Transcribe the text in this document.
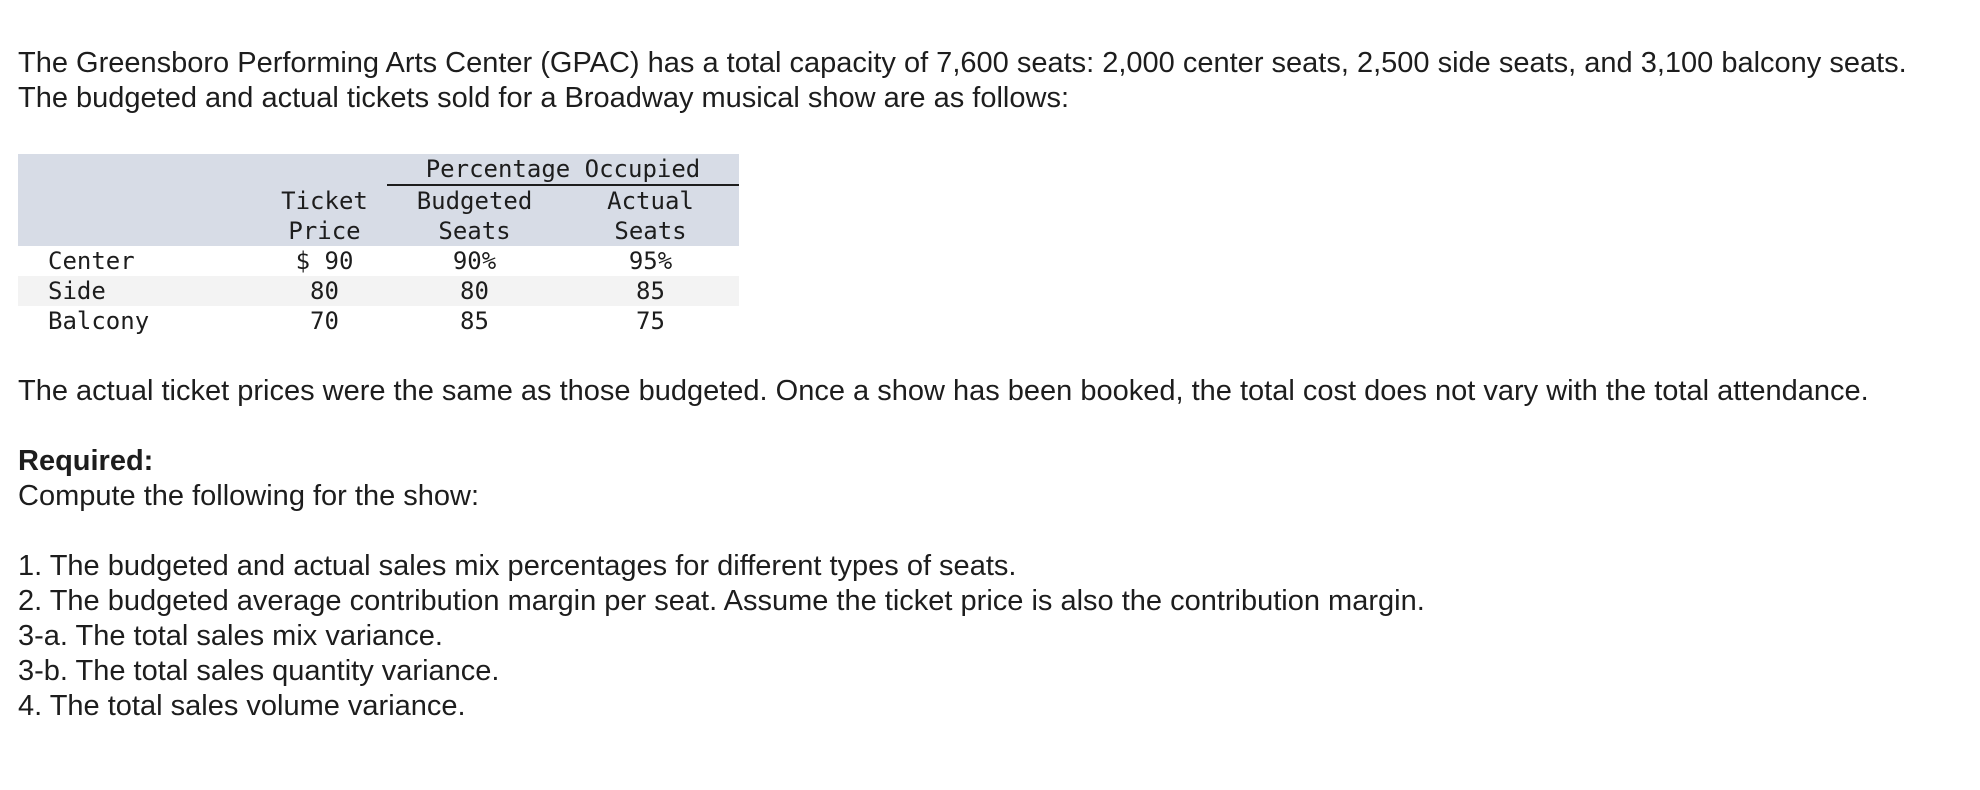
The Greensboro Performing Arts Center (GPAC) has a total capacity of 7,600 seats: 2,000 center seats, 2,500 side seats, and 3,100 balcony seats. The budgeted and actual tickets sold for a Broadway musical show are as follows:

		Percentage Occupied	
	Ticket	Budgeted	Actual
	Price	Seats	Seats
Center	$ 90	90%	95%
Side	80	80	85
Balcony	70	85	75

The actual ticket prices were the same as those budgeted. Once a show has been booked, the total cost does not vary with the total attendance.

Required:

Compute the following for the show:

1. The budgeted and actual sales mix percentages for different types of seats.
2. The budgeted average contribution margin per seat. Assume the ticket price is also the contribution margin.
3-a. The total sales mix variance.
3-b. The total sales quantity variance.
4. The total sales volume variance.
